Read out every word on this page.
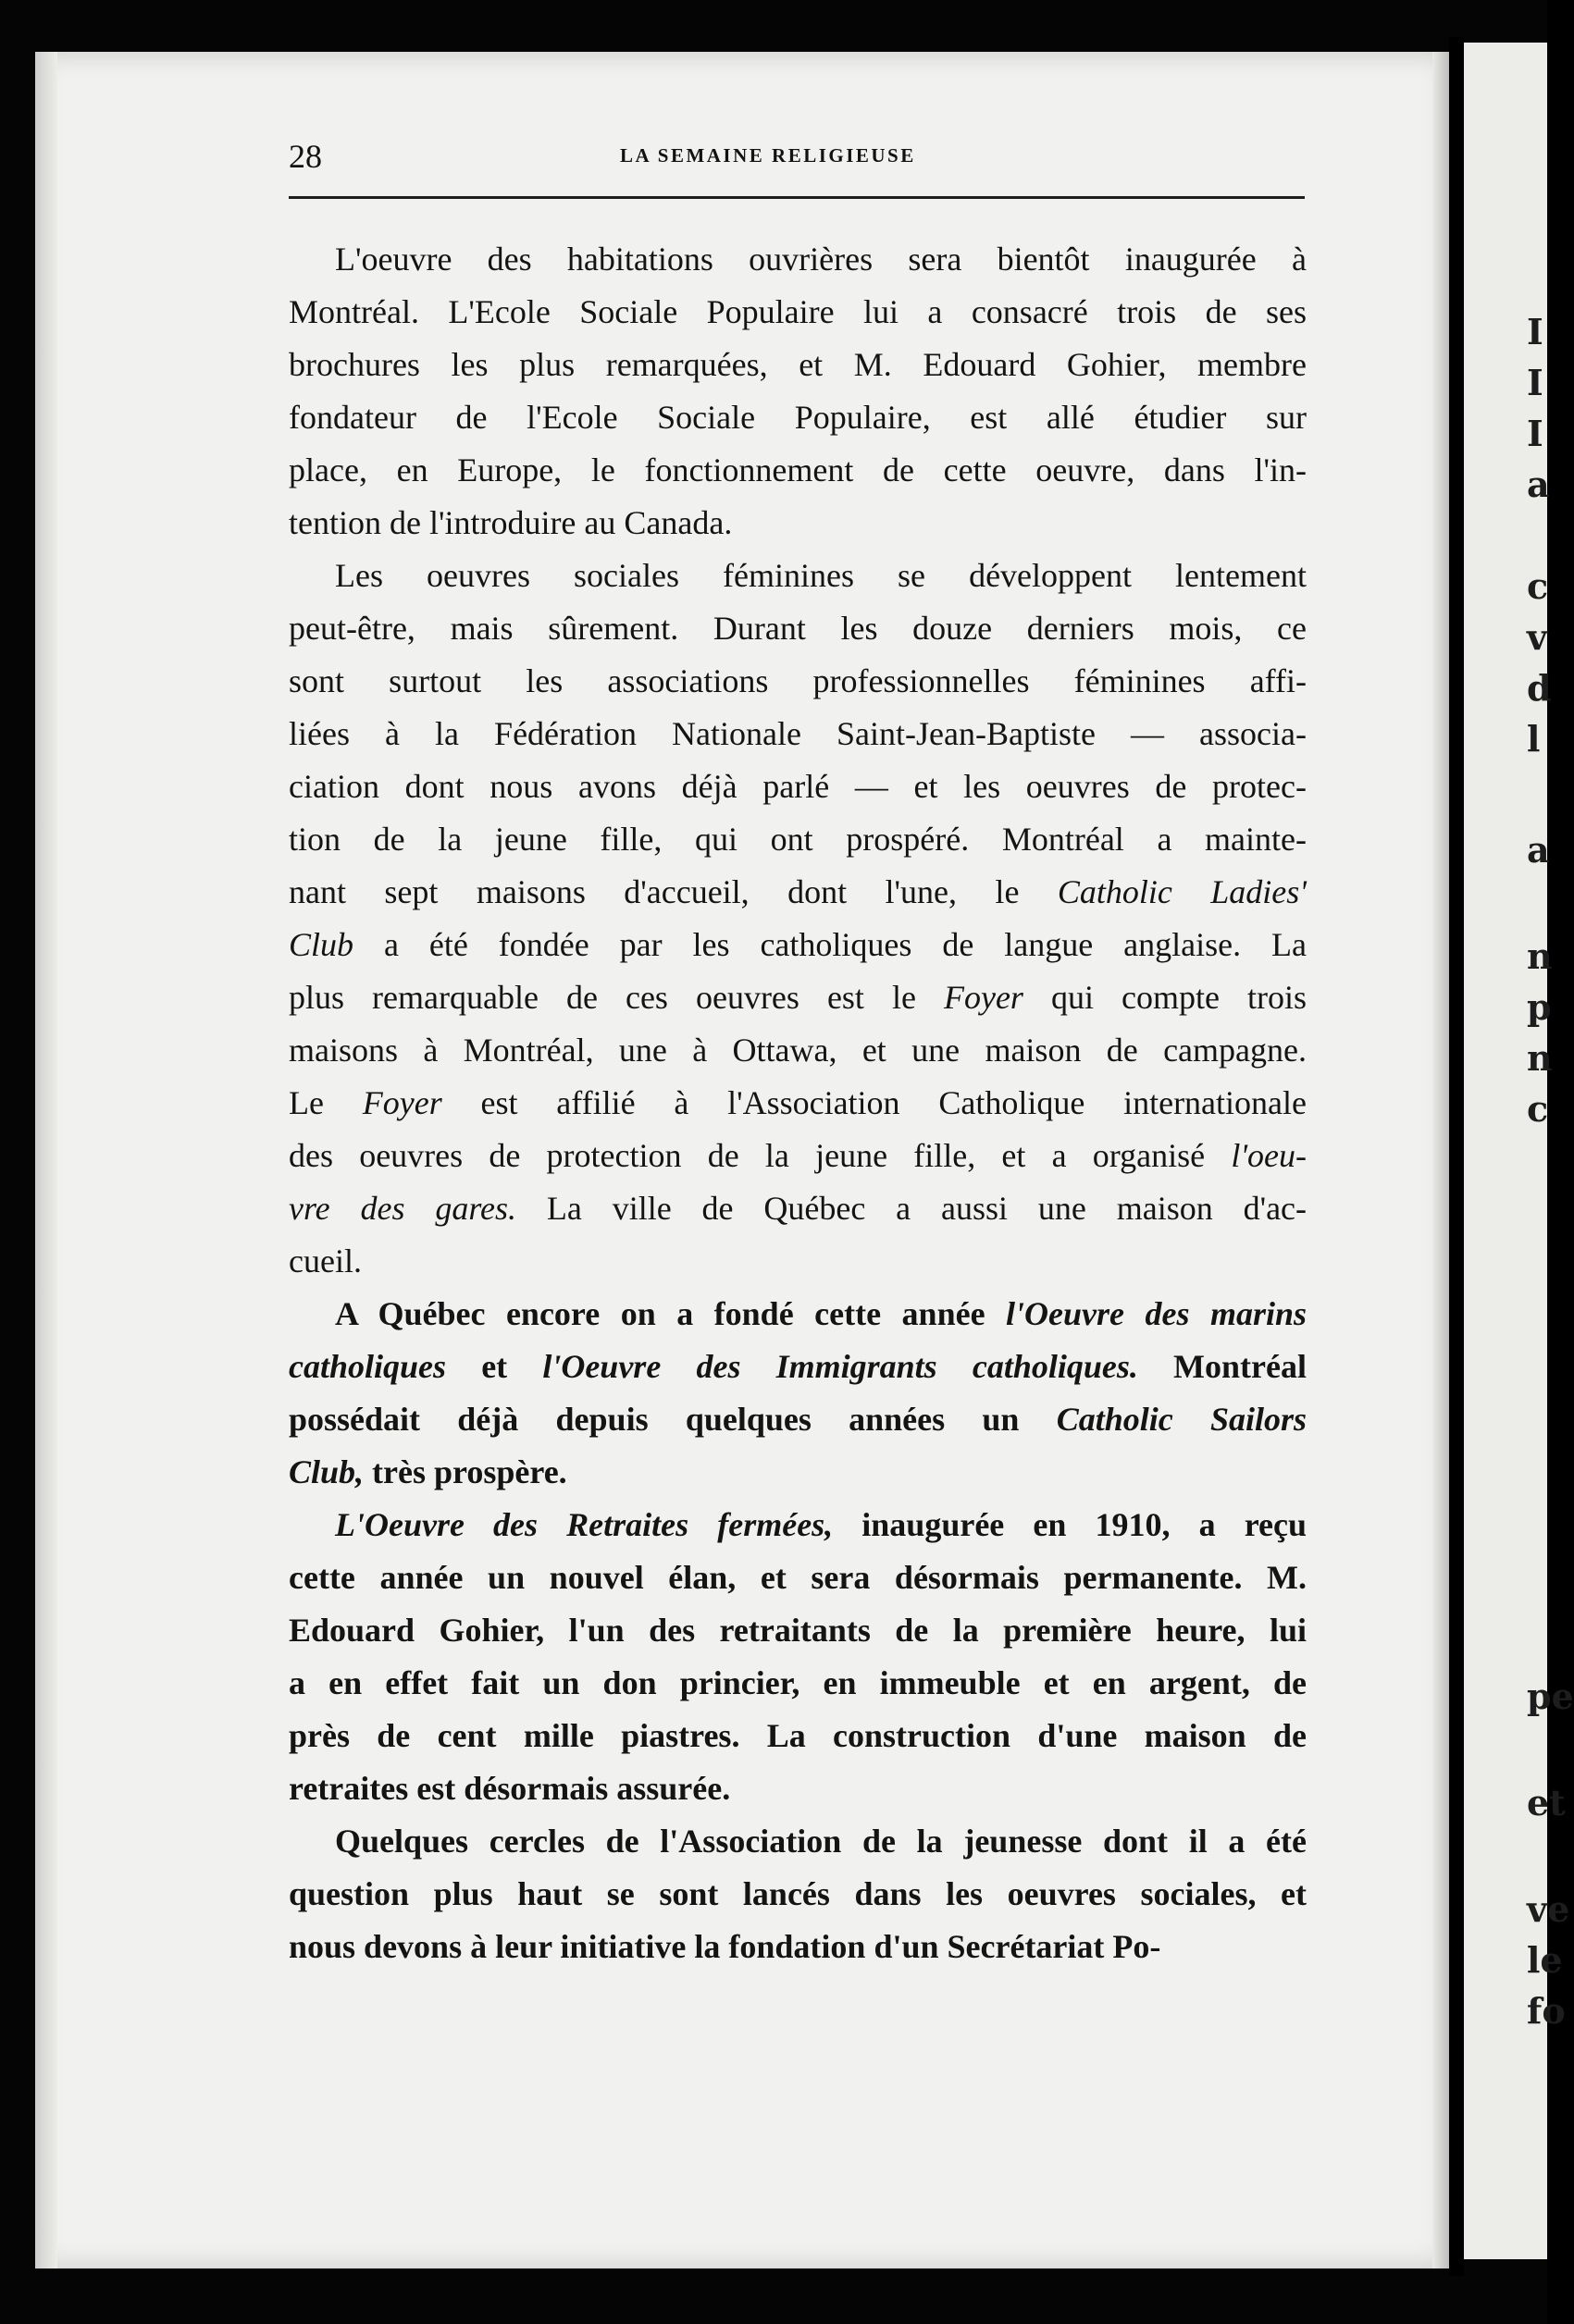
I
I
I
a
c
v
d
l
a
n
p
n
c
pe
et
ve
le
fo
28	LA SEMAINE RELIGIEUSE
L'oeuvre des habitations ouvrières sera bientôt inaugurée à
Montréal. L'Ecole Sociale Populaire lui a consacré trois de ses
brochures les plus remarquées, et M. Edouard Gohier, membre
fondateur de l'Ecole Sociale Populaire, est allé étudier sur
place, en Europe, le fonctionnement de cette oeuvre, dans l'in-
tention de l'introduire au Canada.
Les oeuvres sociales féminines se développent lentement
peut-être, mais sûrement. Durant les douze derniers mois, ce
sont surtout les associations professionnelles féminines affi-
liées à la Fédération Nationale Saint-Jean-Baptiste — associa-
ciation dont nous avons déjà parlé — et les oeuvres de protec-
tion de la jeune fille, qui ont prospéré. Montréal a mainte-
nant sept maisons d'accueil, dont l'une, le Catholic Ladies'
Club a été fondée par les catholiques de langue anglaise. La
plus remarquable de ces oeuvres est le Foyer qui compte trois
maisons à Montréal, une à Ottawa, et une maison de campagne.
Le Foyer est affilié à l'Association Catholique internationale
des oeuvres de protection de la jeune fille, et a organisé l'oeu-
vre des gares. La ville de Québec a aussi une maison d'ac-
cueil.
A Québec encore on a fondé cette année l'Oeuvre des marins
catholiques et l'Oeuvre des Immigrants catholiques. Montréal
possédait déjà depuis quelques années un Catholic Sailors
Club, très prospère.
L'Oeuvre des Retraites fermées, inaugurée en 1910, a reçu
cette année un nouvel élan, et sera désormais permanente. M.
Edouard Gohier, l'un des retraitants de la première heure, lui
a en effet fait un don princier, en immeuble et en argent, de
près de cent mille piastres. La construction d'une maison de
retraites est désormais assurée.
Quelques cercles de l'Association de la jeunesse dont il a été
question plus haut se sont lancés dans les oeuvres sociales, et
nous devons à leur initiative la fondation d'un Secrétariat Po-
